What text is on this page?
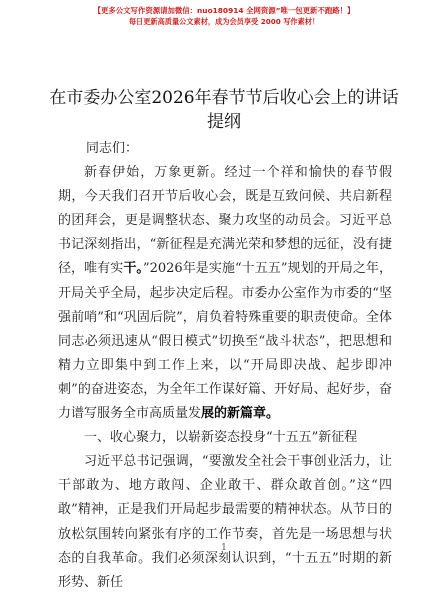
【更多公文写作资源请加微信：nuo180914 全网资源”唯一包更新不跑路！】
每日更新高质量公文素材，成为会员享受 2000 写作素材！
在市委办公室2026年春节节后收心会上的讲话
提纲

同志们：

新春伊始，万象更新。经过一个祥和愉快的春节假期，今天我们召开节后收心会，既是互致问候、共启新程的团拜会，更是调整状态、聚力攻坚的动员会。习近平总书记深刻指出，“新征程是充满光荣和梦想的远征，没有捷径，唯有实干。”2026年是实施“十五五”规划的开局之年，开局关乎全局，起步决定后程。市委办公室作为市委的“坚强前哨”和“巩固后院”，肩负着特殊重要的职责使命。全体同志必须迅速从“假日模式”切换至“战斗状态”，把思想和精力立即集中到工作上来，以“开局即决战、起步即冲刺”的奋进姿态，为全年工作谋好篇、开好局、起好步，奋力谱写服务全市高质量发展的新篇章。

一、收心聚力，以崭新姿态投身“十五五”新征程

习近平总书记强调，“要激发全社会干事创业活力，让干部敢为、地方敢闯、企业敢干、群众敢首创。”这“四敢”精神，正是我们开局起步最需要的精神状态。从节日的放松氛围转向紧张有序的工作节奏，首先是一场思想与状态的自我革命。我们必须深刻认识到，“十五五”时期的新形势、新任

1
